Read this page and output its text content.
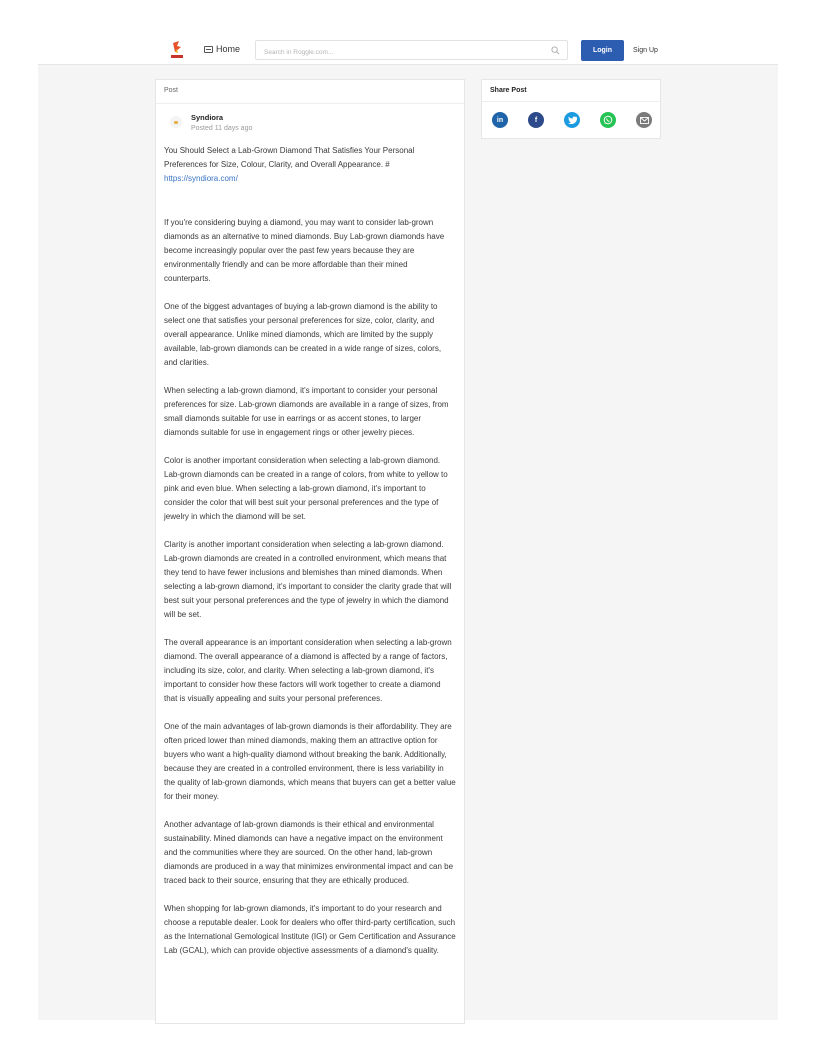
Home
Search in Roggle.com...	Login	Sign Up
Post
Syndiora
Posted 11 days ago

You Should Select a Lab-Grown Diamond That Satisfies Your Personal Preferences for Size, Colour, Clarity, and Overall Appearance. #
https://syndiora.com/

If you're considering buying a diamond, you may want to consider lab-grown diamonds as an alternative to mined diamonds. Buy Lab-grown diamonds have become increasingly popular over the past few years because they are environmentally friendly and can be more affordable than their mined counterparts.

One of the biggest advantages of buying a lab-grown diamond is the ability to select one that satisfies your personal preferences for size, color, clarity, and overall appearance. Unlike mined diamonds, which are limited by the supply available, lab-grown diamonds can be created in a wide range of sizes, colors, and clarities.

When selecting a lab-grown diamond, it's important to consider your personal preferences for size. Lab-grown diamonds are available in a range of sizes, from small diamonds suitable for use in earrings or as accent stones, to larger diamonds suitable for use in engagement rings or other jewelry pieces.

Color is another important consideration when selecting a lab-grown diamond. Lab-grown diamonds can be created in a range of colors, from white to yellow to pink and even blue. When selecting a lab-grown diamond, it's important to consider the color that will best suit your personal preferences and the type of jewelry in which the diamond will be set.

Clarity is another important consideration when selecting a lab-grown diamond. Lab-grown diamonds are created in a controlled environment, which means that they tend to have fewer inclusions and blemishes than mined diamonds. When selecting a lab-grown diamond, it's important to consider the clarity grade that will best suit your personal preferences and the type of jewelry in which the diamond will be set.

The overall appearance is an important consideration when selecting a lab-grown diamond. The overall appearance of a diamond is affected by a range of factors, including its size, color, and clarity. When selecting a lab-grown diamond, it's important to consider how these factors will work together to create a diamond that is visually appealing and suits your personal preferences.

One of the main advantages of lab-grown diamonds is their affordability. They are often priced lower than mined diamonds, making them an attractive option for buyers who want a high-quality diamond without breaking the bank. Additionally, because they are created in a controlled environment, there is less variability in the quality of lab-grown diamonds, which means that buyers can get a better value for their money.

Another advantage of lab-grown diamonds is their ethical and environmental sustainability. Mined diamonds can have a negative impact on the environment and the communities where they are sourced. On the other hand, lab-grown diamonds are produced in a way that minimizes environmental impact and can be traced back to their source, ensuring that they are ethically produced.

When shopping for lab-grown diamonds, it's important to do your research and choose a reputable dealer. Look for dealers who offer third-party certification, such as the International Gemological Institute (IGI) or Gem Certification and Assurance Lab (GCAL), which can provide objective assessments of a diamond's quality.

Share Post
in	f
